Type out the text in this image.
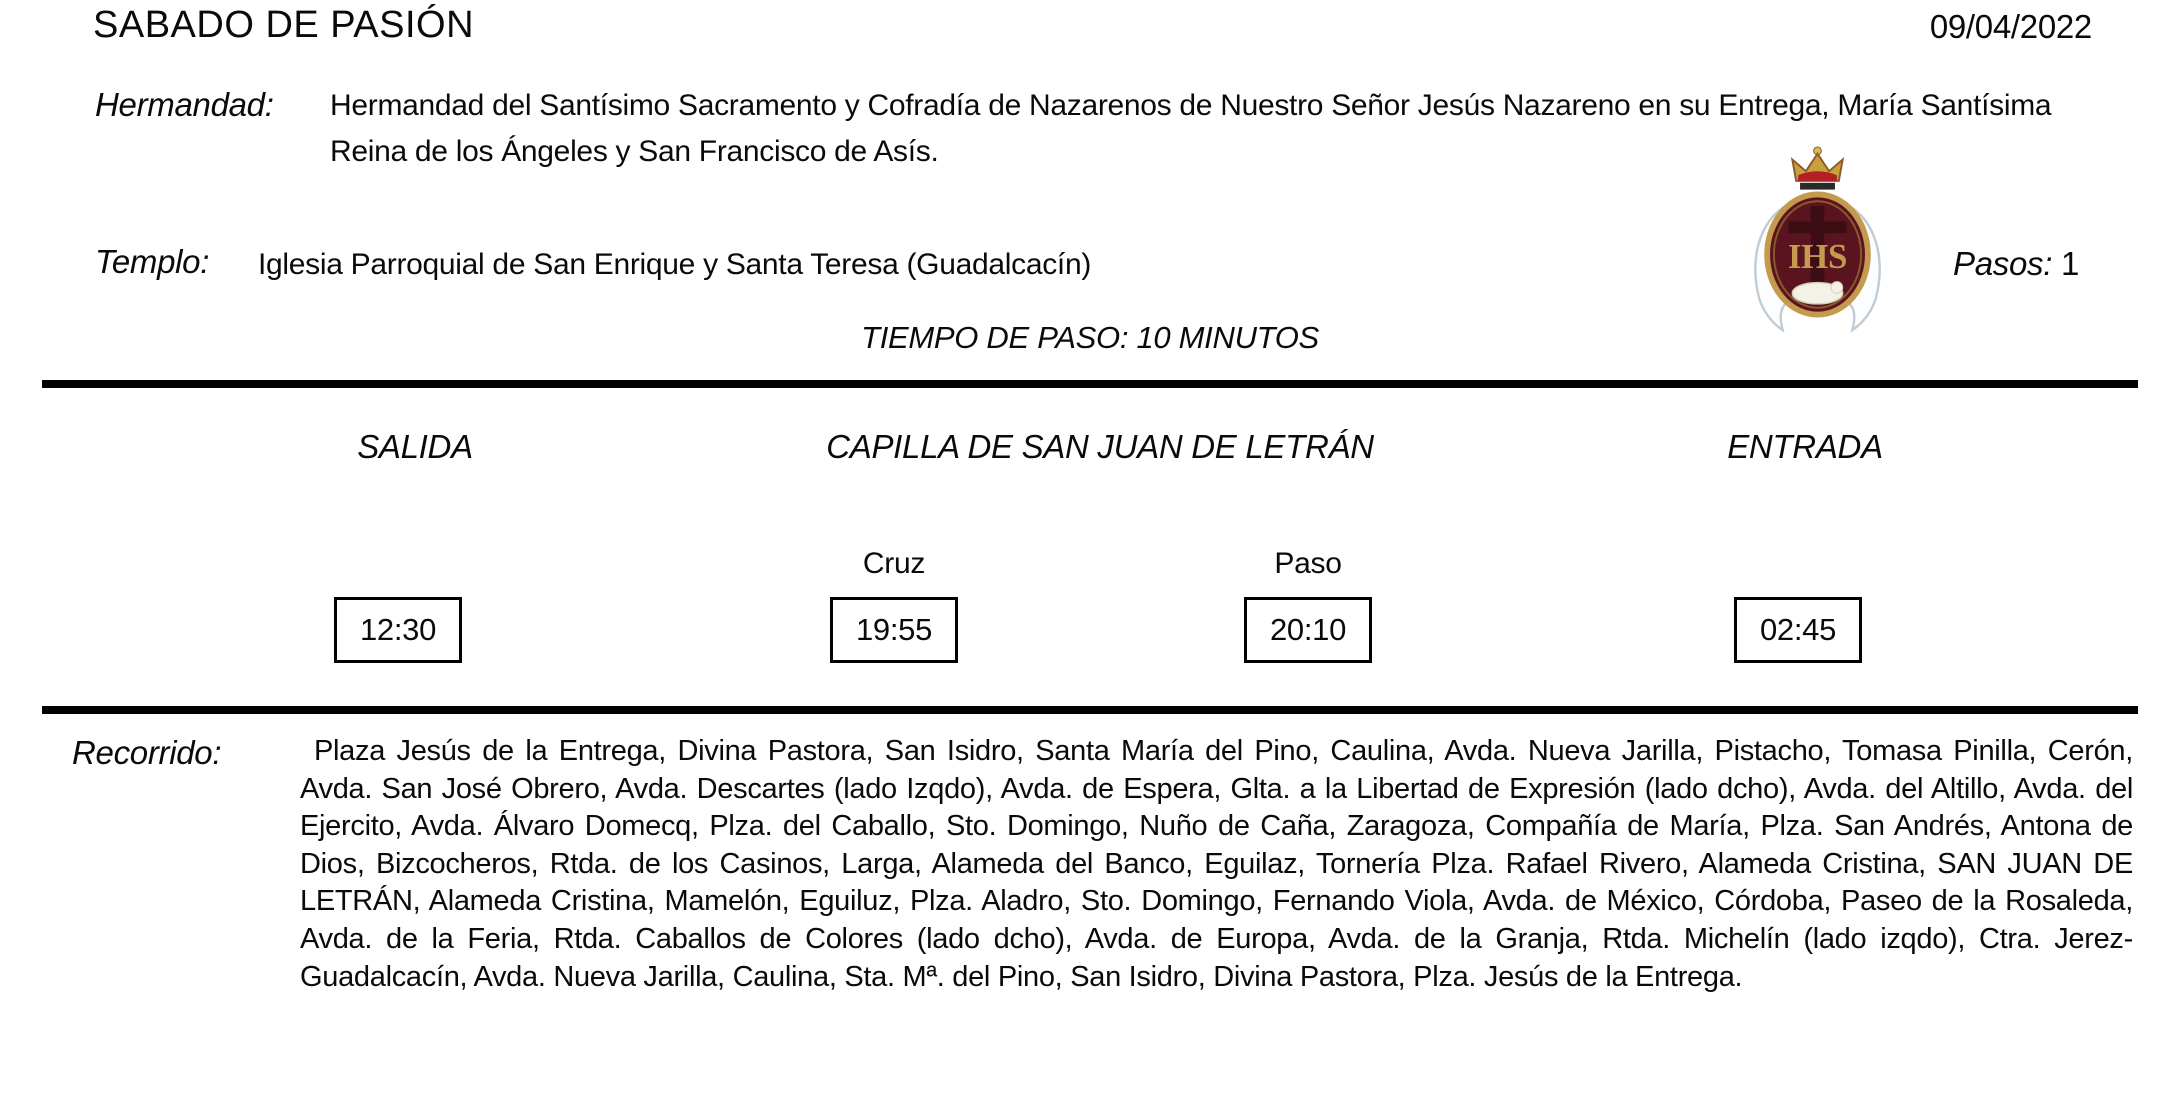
SABADO DE PASIÓN	09/04/2022
Hermandad: Hermandad del Santísimo Sacramento y Cofradía de Nazarenos de Nuestro Señor Jesús Nazareno en su Entrega, María Santísima Reina de los Ángeles y San Francisco de Asís.
Templo: Iglesia Parroquial de San Enrique y Santa Teresa (Guadalcacín)	IHS	Pasos: 1
TIEMPO DE PASO: 10 MINUTOS
SALIDA	CAPILLA DE SAN JUAN DE LETRÁN	ENTRADA
Cruz	Paso
12:30	19:55	20:10	02:45
Recorrido:	Plaza Jesús de la Entrega, Divina Pastora, San Isidro, Santa María del Pino, Caulina, Avda. Nueva Jarilla, Pistacho, Tomasa Pinilla, Cerón, Avda. San José Obrero, Avda. Descartes (lado Izqdo), Avda. de Espera, Glta. a la Libertad de Expresión (lado dcho), Avda. del Altillo, Avda. del Ejercito, Avda. Álvaro Domecq, Plza. del Caballo, Sto. Domingo, Nuño de Caña, Zaragoza, Compañía de María, Plza. San Andrés, Antona de Dios, Bizcocheros, Rtda. de los Casinos, Larga, Alameda del Banco, Eguilaz, Tornería Plza. Rafael Rivero, Alameda Cristina, SAN JUAN DE LETRÁN, Alameda Cristina, Mamelón, Eguiluz, Plza. Aladro, Sto. Domingo, Fernando Viola, Avda. de México, Córdoba, Paseo de la Rosaleda, Avda. de la Feria, Rtda. Caballos de Colores (lado dcho), Avda. de Europa, Avda. de la Granja, Rtda. Michelín (lado izqdo), Ctra. Jerez-Guadalcacín, Avda. Nueva Jarilla, Caulina, Sta. Mª. del Pino, San Isidro, Divina Pastora, Plza. Jesús de la Entrega.
